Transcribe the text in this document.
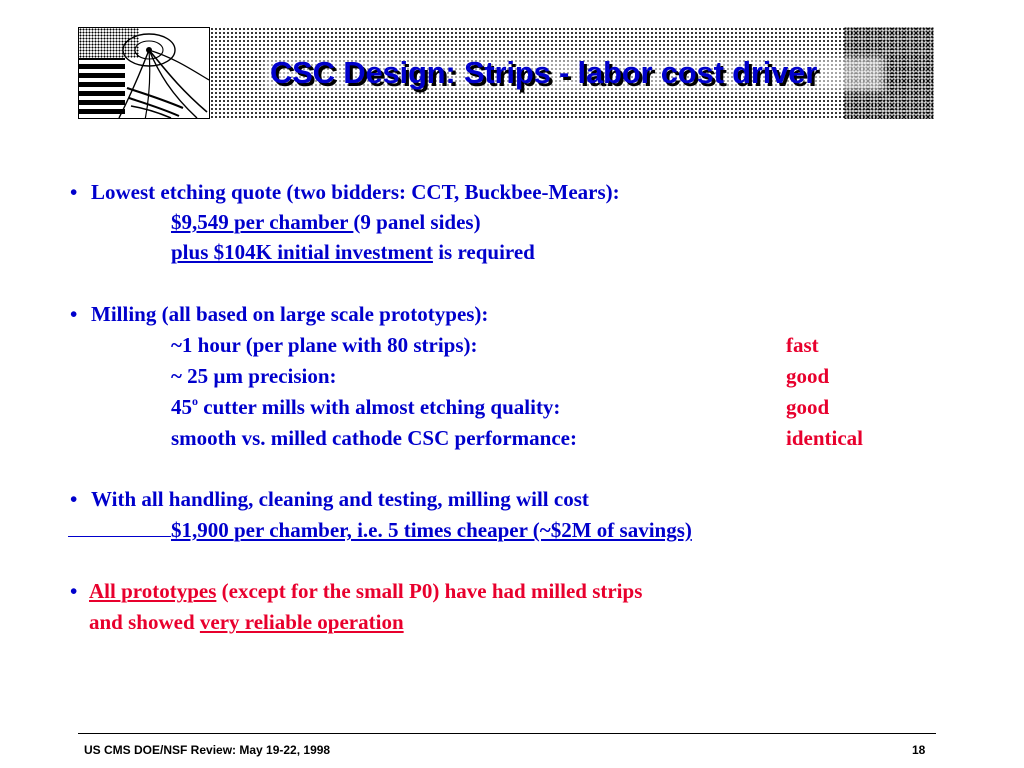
CSC Design: Strips - labor cost driver
• Lowest etching quote (two bidders: CCT, Buckbee-Mears):
$9,549 per chamber (9 panel sides)
plus $104K initial investment is required
• Milling (all based on large scale prototypes):
~1 hour (per plane with 80 strips):	fast
~ 25 µm precision:	good
45$^o$ cutter mills with almost etching quality:	good
smooth vs. milled cathode CSC performance:	identical
• With all handling, cleaning and testing, milling will cost
$1,900 per chamber, i.e. 5 times cheaper (~$2M of savings)
• All prototypes (except for the small P0) have had milled strips
and showed very reliable operation
US CMS DOE/NSF Review: May 19-22, 1998	18
